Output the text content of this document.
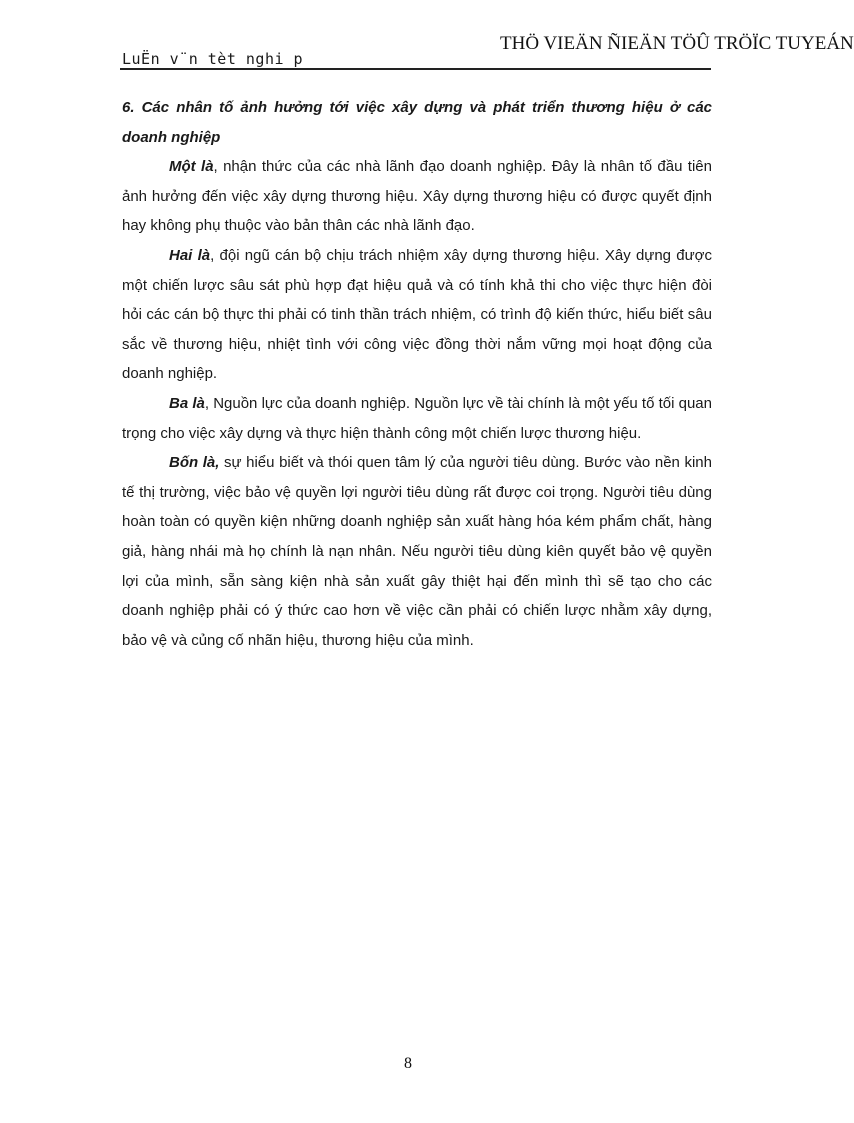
LuËn v¨n tèt nghi p
THÖ VIEÄN ÑIEÄN TÖÛ TRÖÏC TUYEÁN

6. Các nhân tố ảnh hưởng tới việc xây dựng và phát triển thương hiệu ở các doanh nghiệp

Một là, nhận thức của các nhà lãnh đạo doanh nghiệp. Đây là nhân tố đầu tiên ảnh hưởng đến việc xây dựng thương hiệu. Xây dựng thương hiệu có được quyết định hay không phụ thuộc vào bản thân các nhà lãnh đạo.

Hai là, đội ngũ cán bộ chịu trách nhiệm xây dựng thương hiệu. Xây dựng được một chiến lược sâu sát phù hợp đạt hiệu quả và có tính khả thi cho việc thực hiện đòi hỏi các cán bộ thực thi phải có tinh thần trách nhiệm, có trình độ kiến thức, hiểu biết sâu sắc về thương hiệu, nhiệt tình với công việc đồng thời nắm vững mọi hoạt động của doanh nghiệp.

Ba là, Nguồn lực của doanh nghiệp. Nguồn lực về tài chính là một yếu tố tối quan trọng cho việc xây dựng và thực hiện thành công một chiến lược thương hiệu.

Bốn là, sự hiểu biết và thói quen tâm lý của người tiêu dùng. Bước vào nền kinh tế thị trường, việc bảo vệ quyền lợi người tiêu dùng rất được coi trọng. Người tiêu dùng hoàn toàn có quyền kiện những doanh nghiệp sản xuất hàng hóa kém phẩm chất, hàng giả, hàng nhái mà họ chính là nạn nhân. Nếu người tiêu dùng kiên quyết bảo vệ quyền lợi của mình, sẵn sàng kiện nhà sản xuất gây thiệt hại đến mình thì sẽ tạo cho các doanh nghiệp phải có ý thức cao hơn về việc cần phải có chiến lược nhằm xây dựng, bảo vệ và củng cố nhãn hiệu, thương hiệu của mình.

8
